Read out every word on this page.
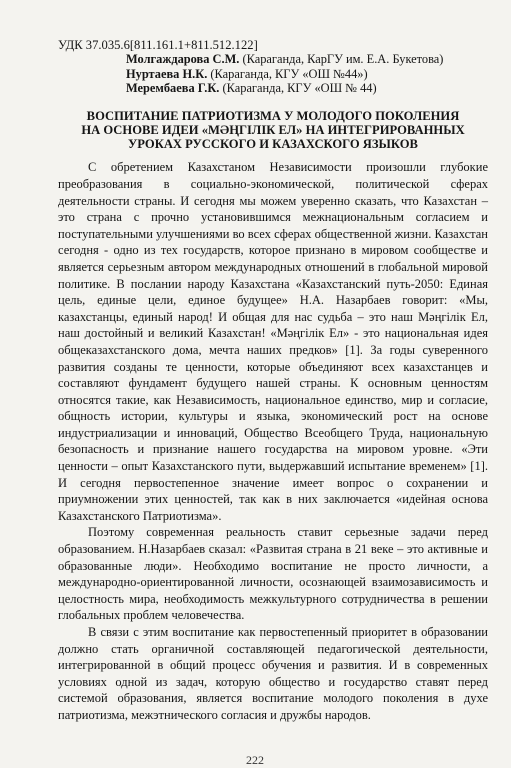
УДК 37.035.6[811.161.1+811.512.122]

Молгаждарова С.М. (Караганда, КарГУ им. Е.А. Букетова)
Нуртаева Н.К. (Караганда, КГУ «ОШ №44»)
Мерембаева Г.К. (Караганда, КГУ «ОШ № 44)
ВОСПИТАНИЕ ПАТРИОТИЗМА У МОЛОДОГО ПОКОЛЕНИЯ
НА ОСНОВЕ ИДЕИ «МӘҢГІЛІК ЕЛ» НА ИНТЕГРИРОВАННЫХ
УРОКАХ РУССКОГО И КАЗАХСКОГО ЯЗЫКОВ

С обретением Казахстаном Независимости произошли глубокие преобразования в социально-экономической, политической сферах деятельности страны. И сегодня мы можем уверенно сказать, что Казахстан – это страна с прочно установившимся межнациональным согласием и поступательными улучшениями во всех сферах общественной жизни. Казахстан сегодня - одно из тех государств, которое признано в мировом сообществе и является серьезным автором международных отношений в глобальной мировой политике. В послании народу Казахстана «Казахстанский путь-2050: Единая цель, единые цели, единое будущее» Н.А. Назарбаев говорит: «Мы, казахстанцы, единый народ! И общая для нас судьба – это наш Мәңгілік Ел, наш достойный и великий Казахстан! «Мәңгілік Ел» - это национальная идея общеказахстанского дома, мечта наших предков» [1]. За годы суверенного развития созданы те ценности, которые объединяют всех казахстанцев и составляют фундамент будущего нашей страны. К основным ценностям относятся такие, как Независимость, национальное единство, мир и согласие, общность истории, культуры и языка, экономический рост на основе индустриализации и инноваций, Общество Всеобщего Труда, национальную безопасность и признание нашего государства на мировом уровне. «Эти ценности – опыт Казахстанского пути, выдержавший испытание временем» [1]. И сегодня первостепенное значение имеет вопрос о сохранении и приумножении этих ценностей, так как в них заключается «идейная основа Казахстанского Патриотизма».

Поэтому современная реальность ставит серьезные задачи перед образованием. Н.Назарбаев сказал: «Развитая страна в 21 веке – это активные и образованные люди». Необходимо воспитание не просто личности, а международно-ориентированной личности, осознающей взаимозависимость и целостность мира, необходимость межкультурного сотрудничества в решении глобальных проблем человечества.

В связи с этим воспитание как первостепенный приоритет в образовании должно стать органичной составляющей педагогической деятельности, интегрированной в общий процесс обучения и развития. И в современных условиях одной из задач, которую общество и государство ставят перед системой образования, является воспитание молодого поколения в духе патриотизма, межэтнического согласия и дружбы народов.

222
